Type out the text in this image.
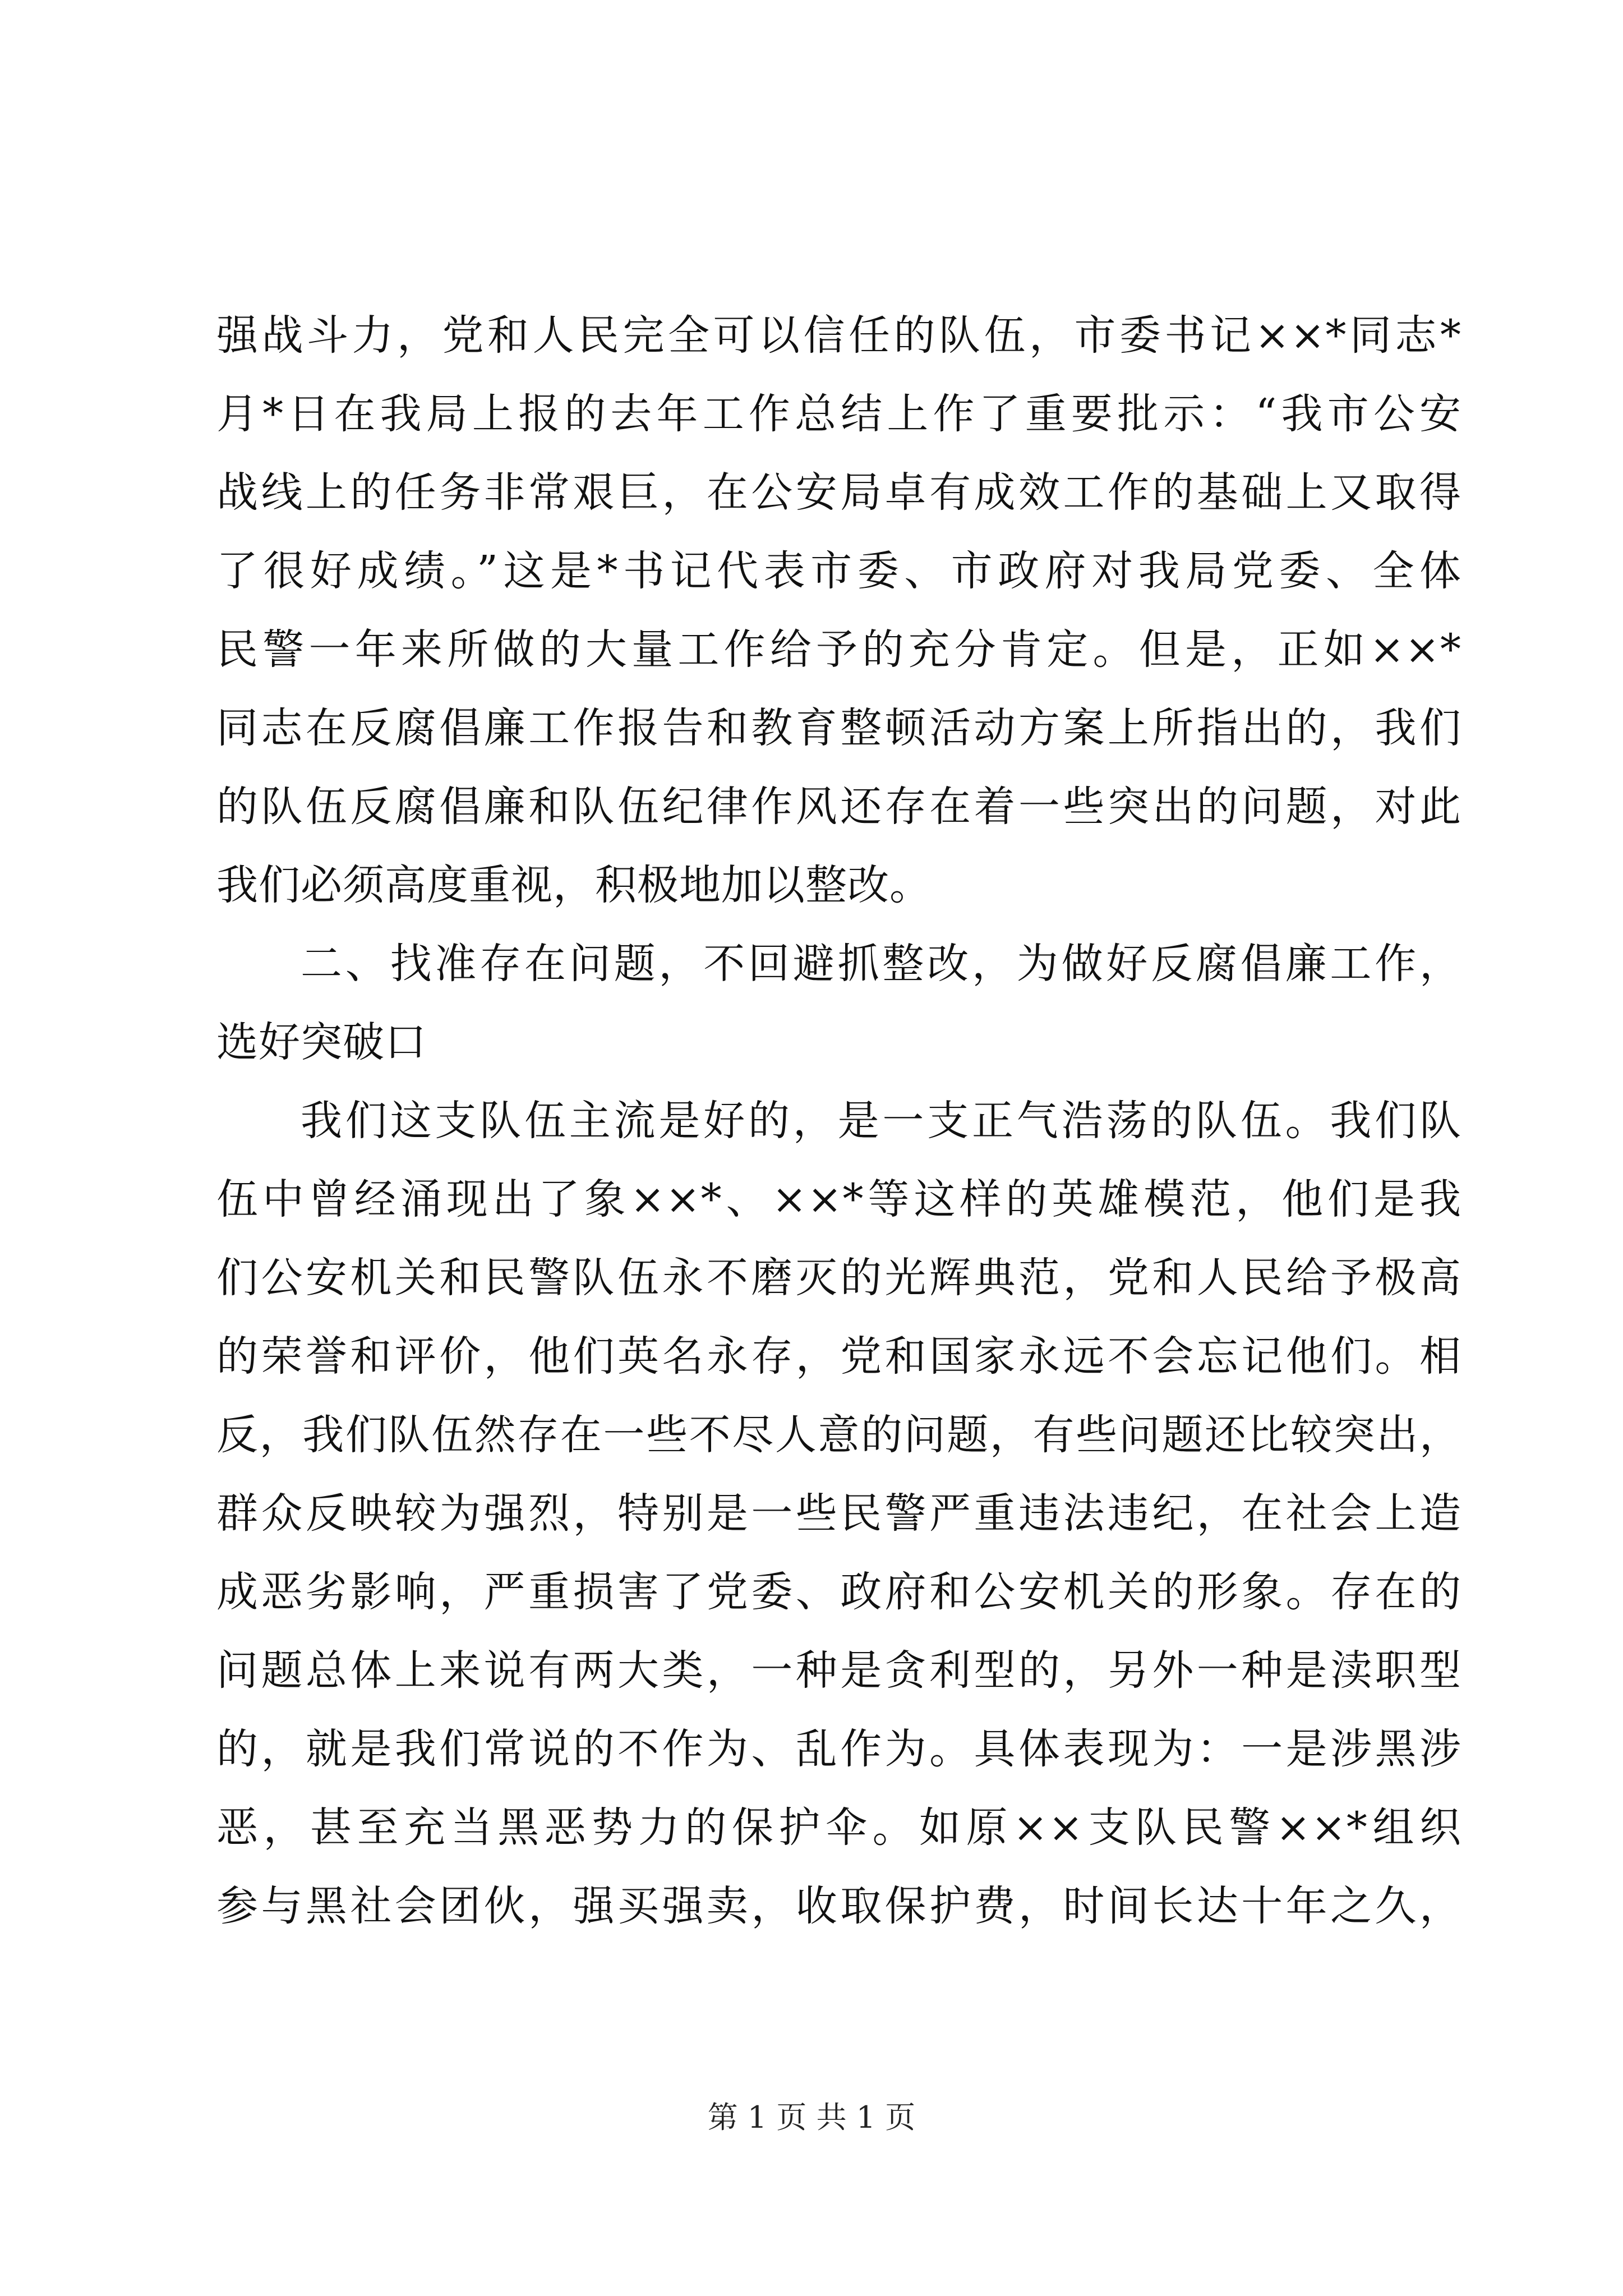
强战斗力，党和人民完全可以信任的队伍，市委书记××*同志*
月*日在我局上报的去年工作总结上作了重要批示：“我市公安
战线上的任务非常艰巨，在公安局卓有成效工作的基础上又取得
了很好成绩。”这是*书记代表市委、市政府对我局党委、全体
民警一年来所做的大量工作给予的充分肯定。但是，正如××*
同志在反腐倡廉工作报告和教育整顿活动方案上所指出的，我们
的队伍反腐倡廉和队伍纪律作风还存在着一些突出的问题，对此
我们必须高度重视，积极地加以整改。
二、找准存在问题，不回避抓整改，为做好反腐倡廉工作，
选好突破口
我们这支队伍主流是好的，是一支正气浩荡的队伍。我们队
伍中曾经涌现出了象××*、××*等这样的英雄模范，他们是我
们公安机关和民警队伍永不磨灭的光辉典范，党和人民给予极高
的荣誉和评价，他们英名永存，党和国家永远不会忘记他们。相
反，我们队伍然存在一些不尽人意的问题，有些问题还比较突出，
群众反映较为强烈，特别是一些民警严重违法违纪，在社会上造
成恶劣影响，严重损害了党委、政府和公安机关的形象。存在的
问题总体上来说有两大类，一种是贪利型的，另外一种是渎职型
的，就是我们常说的不作为、乱作为。具体表现为：一是涉黑涉
恶，甚至充当黑恶势力的保护伞。如原××支队民警××*组织
参与黑社会团伙，强买强卖，收取保护费，时间长达十年之久，
第 1 页 共 1 页
